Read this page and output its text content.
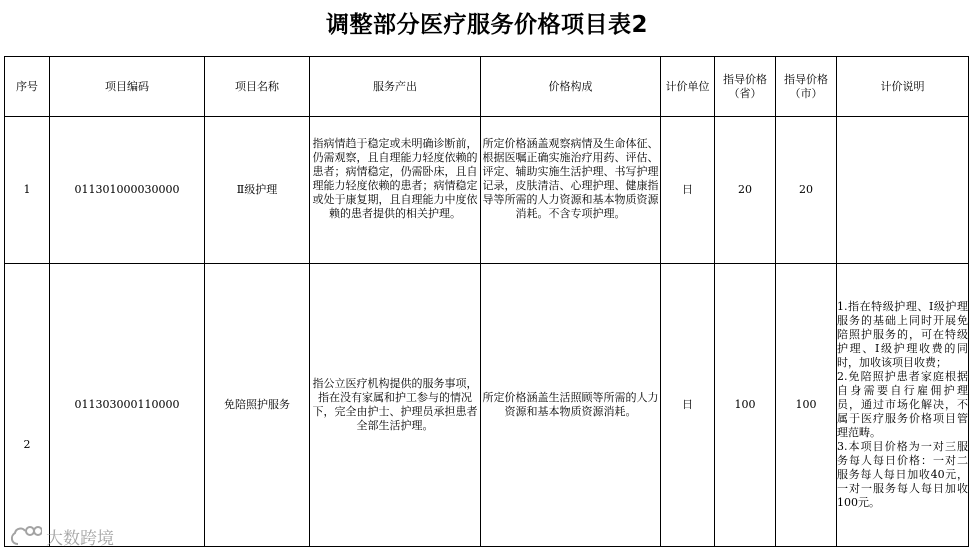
调整部分医疗服务价格项目表2
序号	项目编码	项目名称	服务产出	价格构成	计价单位	指导价格（省）	指导价格（市）	计价说明
1	011301000030000	Ⅱ级护理	指病情趋于稳定或未明确诊断前，仍需观察，且自理能力轻度依赖的患者；病情稳定，仍需卧床，且自理能力轻度依赖的患者；病情稳定或处于康复期，且自理能力中度依赖的患者提供的相关护理。	所定价格涵盖观察病情及生命体征、根据医嘱正确实施治疗用药、评估、评定、辅助实施生活护理、书写护理记录，皮肤清洁、心理护理、健康指导等所需的人力资源和基本物质资源消耗。不含专项护理。	日	20	20	
2	011303000110000	免陪照护服务	指公立医疗机构提供的服务事项，指在没有家属和护工参与的情况下，完全由护士、护理员承担患者全部生活护理。	所定价格涵盖生活照顾等所需的人力资源和基本物质资源消耗。	日	100	100	1.指在特级护理、I级护理服务的基础上同时开展免陪照护服务的，可在特级护理、I级护理收费的同时，加收该项目收费；
2.免陪照护患者家庭根据自身需要自行雇佣护理员，通过市场化解决，不属于医疗服务价格项目管理范畴。
3.本项目价格为一对三服务每人每日价格：一对二服务每人每日加收40元，一对一服务每人每日加收100元。
大数跨境
